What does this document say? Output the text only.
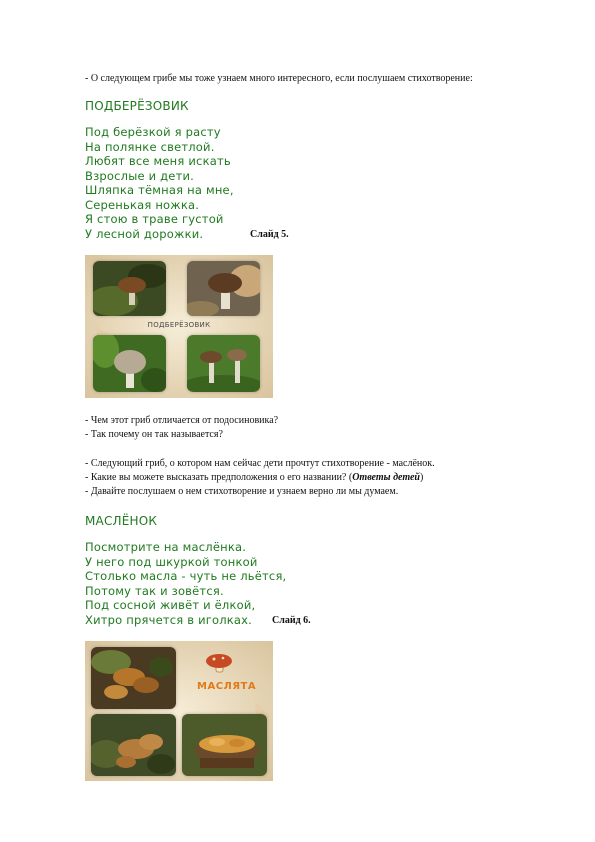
- О следующем грибе мы тоже узнаем много интересного, если послушаем стихотворение:
ПОДБЕРЁЗОВИК
Под берёзкой я расту
На полянке светлой.
Любят все меня искать
Взрослые и дети.
Шляпка тёмная на мне,
Серенькая ножка.
Я стою в траве густой
У лесной дорожки.	Слайд 5.
ПОДБЕРЁЗОВИК
- Чем этот гриб отличается от подосиновика?
- Так почему он так называется?
- Следующий гриб, о котором нам сейчас дети прочтут стихотворение - маслёнок.
- Какие вы можете высказать предположения о его названии? (Ответы детей)
- Давайте послушаем о нем стихотворение и узнаем верно ли мы думаем.
МАСЛЁНОК
Посмотрите на маслёнка.
У него под шкуркой тонкой
Столько масла - чуть не льётся,
Потому так и зовётся.
Под сосной живёт и ёлкой,
Хитро прячется в иголках.	Слайд 6.
МАСЛЯТА
